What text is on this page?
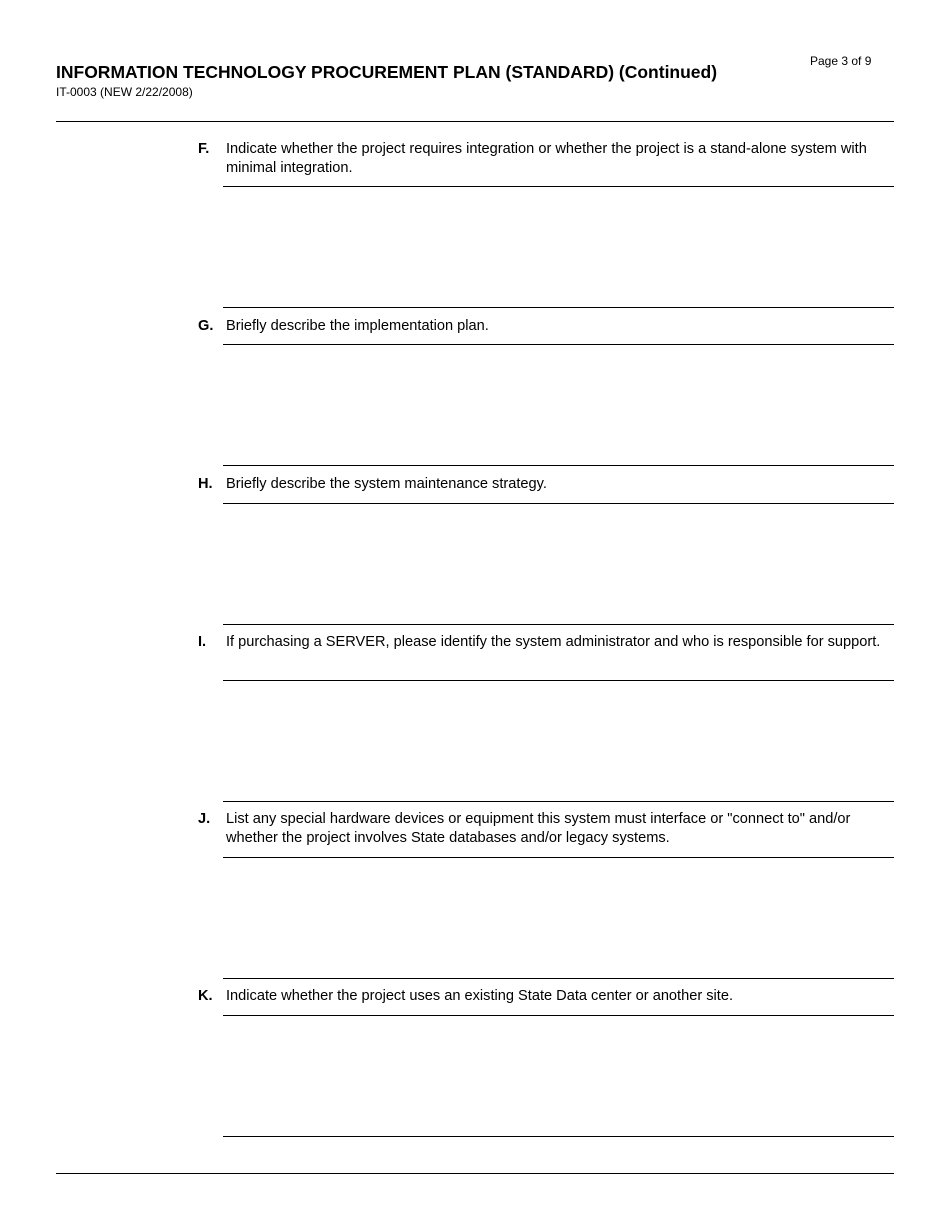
Page 3 of 9
INFORMATION TECHNOLOGY PROCUREMENT PLAN (STANDARD) (Continued)
IT-0003 (NEW 2/22/2008)
F. Indicate whether the project requires integration or whether the project is a stand-alone system with minimal integration.
G. Briefly describe the implementation plan.
H. Briefly describe the system maintenance strategy.
I. If purchasing a SERVER, please identify the system administrator and who is responsible for support.
J. List any special hardware devices or equipment this system must interface or "connect to" and/or whether the project involves State databases and/or legacy systems.
K. Indicate whether the project uses an existing State Data center or another site.
